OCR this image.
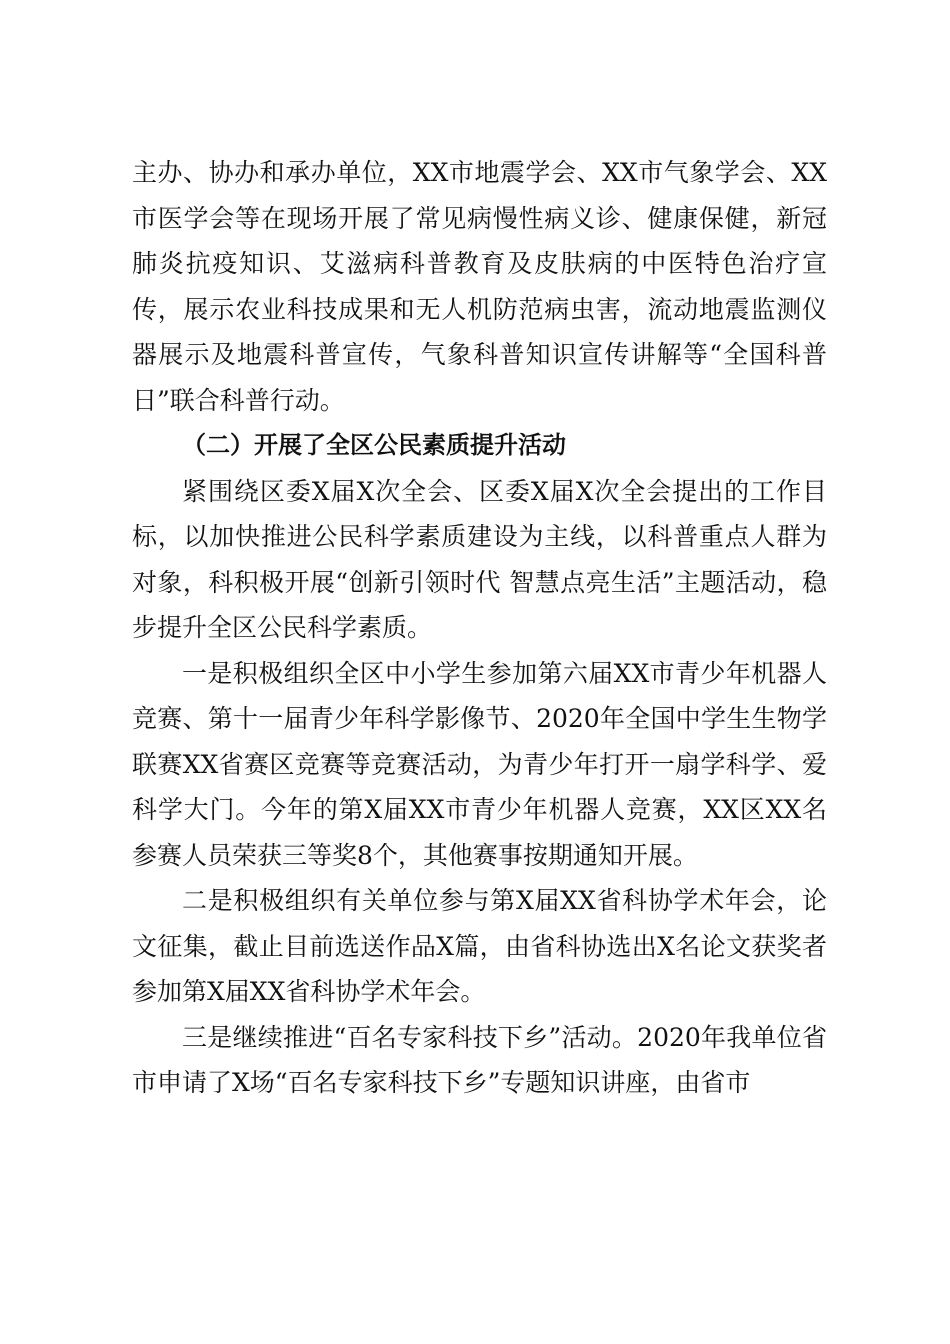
主办、协办和承办单位，XX市地震学会、XX市气象学会、XX市医学会等在现场开展了常见病慢性病义诊、健康保健，新冠肺炎抗疫知识、艾滋病科普教育及皮肤病的中医特色治疗宣传，展示农业科技成果和无人机防范病虫害，流动地震监测仪器展示及地震科普宣传，气象科普知识宣传讲解等“全国科普日”联合科普行动。

（二）开展了全区公民素质提升活动

紧围绕区委X届X次全会、区委X届X次全会提出的工作目标，以加快推进公民科学素质建设为主线，以科普重点人群为对象，科积极开展“创新引领时代 智慧点亮生活”主题活动，稳步提升全区公民科学素质。

一是积极组织全区中小学生参加第六届XX市青少年机器人竞赛、第十一届青少年科学影像节、2020年全国中学生生物学联赛XX省赛区竞赛等竞赛活动，为青少年打开一扇学科学、爱科学大门。今年的第X届XX市青少年机器人竞赛，XX区XX名参赛人员荣获三等奖8个，其他赛事按期通知开展。

二是积极组织有关单位参与第X届XX省科协学术年会，论文征集，截止目前选送作品X篇，由省科协选出X名论文获奖者参加第X届XX省科协学术年会。

三是继续推进“百名专家科技下乡”活动。2020年我单位省市申请了X场“百名专家科技下乡”专题知识讲座，由省市
